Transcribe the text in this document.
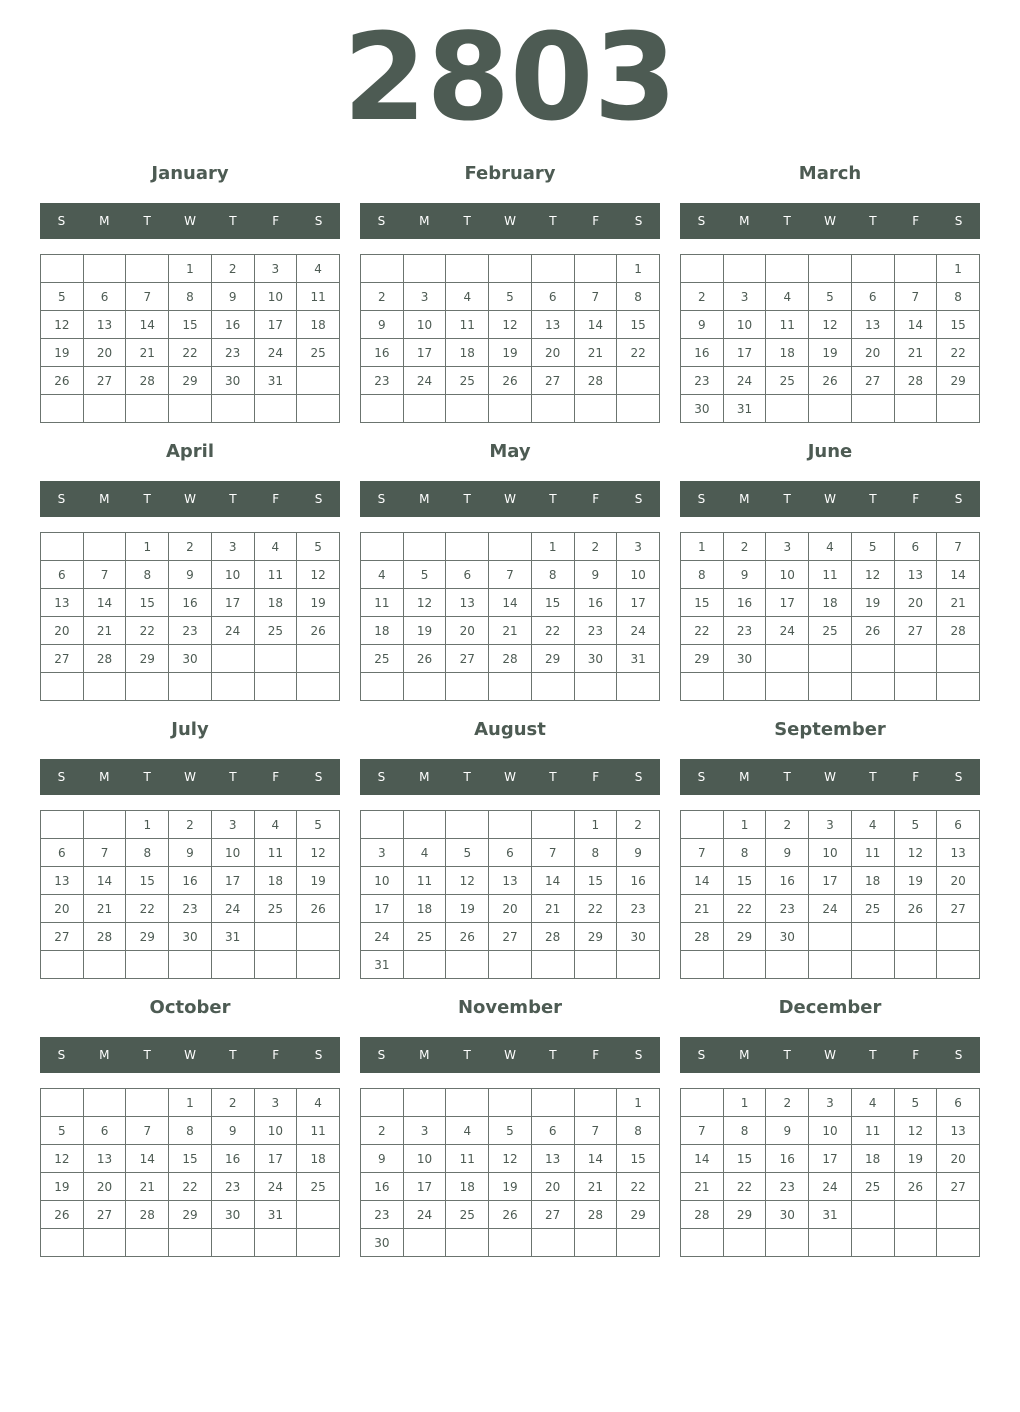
2803
January
S	M	T	W	T	F	S
			1	2	3	4
5	6	7	8	9	10	11
12	13	14	15	16	17	18
19	20	21	22	23	24	25
26	27	28	29	30	31	

February
S	M	T	W	T	F	S
						1
2	3	4	5	6	7	8
9	10	11	12	13	14	15
16	17	18	19	20	21	22
23	24	25	26	27	28	

March
S	M	T	W	T	F	S
						1
2	3	4	5	6	7	8
9	10	11	12	13	14	15
16	17	18	19	20	21	22
23	24	25	26	27	28	29
30	31					
April
S	M	T	W	T	F	S
		1	2	3	4	5
6	7	8	9	10	11	12
13	14	15	16	17	18	19
20	21	22	23	24	25	26
27	28	29	30			

May
S	M	T	W	T	F	S
				1	2	3
4	5	6	7	8	9	10
11	12	13	14	15	16	17
18	19	20	21	22	23	24
25	26	27	28	29	30	31

June
S	M	T	W	T	F	S
1	2	3	4	5	6	7
8	9	10	11	12	13	14
15	16	17	18	19	20	21
22	23	24	25	26	27	28
29	30					

July
S	M	T	W	T	F	S
		1	2	3	4	5
6	7	8	9	10	11	12
13	14	15	16	17	18	19
20	21	22	23	24	25	26
27	28	29	30	31		

August
S	M	T	W	T	F	S
					1	2
3	4	5	6	7	8	9
10	11	12	13	14	15	16
17	18	19	20	21	22	23
24	25	26	27	28	29	30
31						
September
S	M	T	W	T	F	S
	1	2	3	4	5	6
7	8	9	10	11	12	13
14	15	16	17	18	19	20
21	22	23	24	25	26	27
28	29	30				

October
S	M	T	W	T	F	S
			1	2	3	4
5	6	7	8	9	10	11
12	13	14	15	16	17	18
19	20	21	22	23	24	25
26	27	28	29	30	31	

November
S	M	T	W	T	F	S
						1
2	3	4	5	6	7	8
9	10	11	12	13	14	15
16	17	18	19	20	21	22
23	24	25	26	27	28	29
30						
December
S	M	T	W	T	F	S
	1	2	3	4	5	6
7	8	9	10	11	12	13
14	15	16	17	18	19	20
21	22	23	24	25	26	27
28	29	30	31			
